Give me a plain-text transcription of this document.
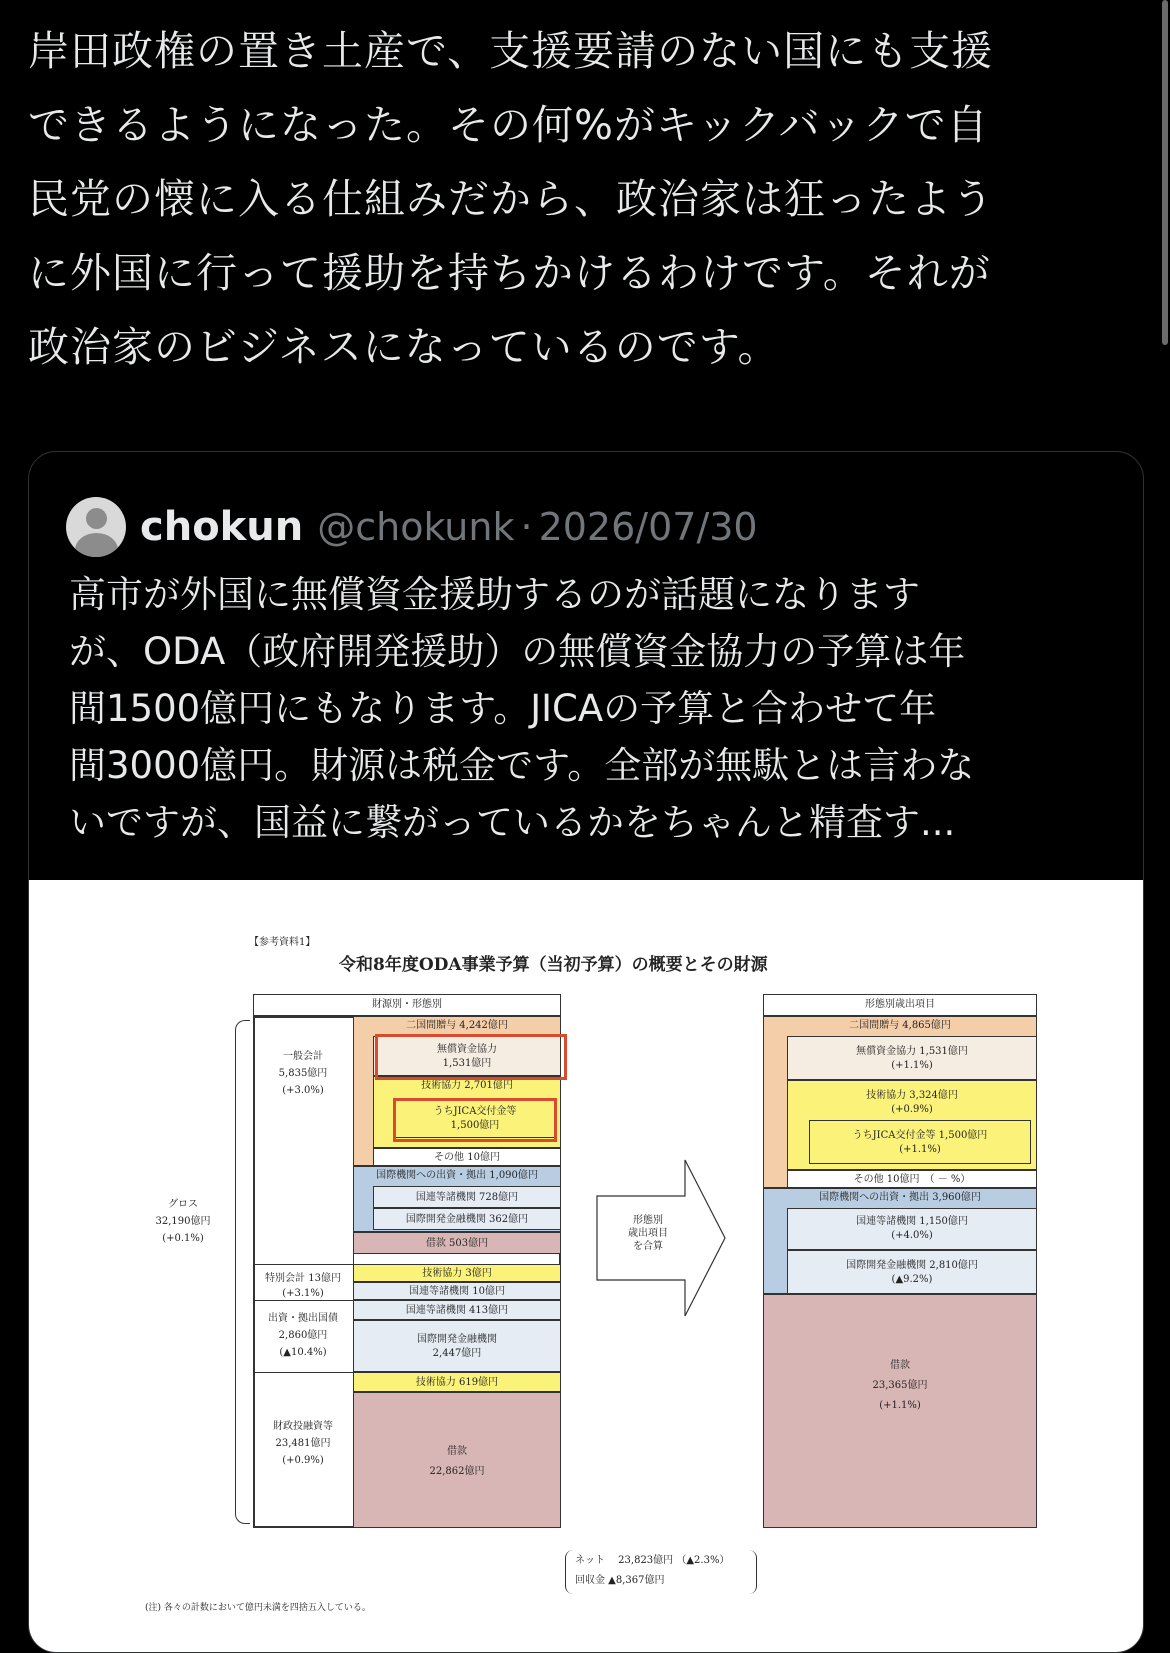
岸田政権の置き土産で、支援要請のない国にも支援
できるようになった。その何%がキックバックで自
民党の懐に入る仕組みだから、政治家は狂ったよう
に外国に行って援助を持ちかけるわけです。それが
政治家のビジネスになっているのです。
chokun @chokunk · 2026/07/30
高市が外国に無償資金援助するのが話題になります
が、ODA（政府開発援助）の無償資金協力の予算は年
間1500億円にもなります。JICAの予算と合わせて年
間3000億円。財源は税金です。全部が無駄とは言わな
いですが、国益に繋がっているかをちゃんと精査す...
【参考資料1】
令和8年度ODA事業予算（当初予算）の概要とその財源
財源別・形態別
一般会計
5,835億円
(+3.0%)
特別会計 13億円
(+3.1%)
出資・拠出国債
2,860億円
(▲10.4%)
財政投融資等
23,481億円
(+0.9%)
グロス
32,190億円
(+0.1%)
二国間贈与 4,242億円
無償資金協力
1,531億円
技術協力 2,701億円
うちJICA交付金等
1,500億円
その他 10億円
国際機関への出資・拠出 1,090億円
国連等諸機関 728億円
国際開発金融機関 362億円
借款 503億円
技術協力 3億円
国連等諸機関 10億円
国連等諸機関 413億円
国際開発金融機関
2,447億円
技術協力 619億円
借款
22,862億円
形態別
歳出項目
を合算
形態別歳出項目
二国間贈与 4,865億円
無償資金協力 1,531億円
(+1.1%)
技術協力 3,324億円
(+0.9%)
うちJICA交付金等 1,500億円
(+1.1%)
その他 10億円　（ － %）
国際機関への出資・拠出 3,960億円
国連等諸機関 1,150億円
(+4.0%)
国際開発金融機関 2,810億円
(▲9.2%)
借款
23,365億円
(+1.1%)
ネット　 23,823億円 （▲2.3%）
回収金 ▲8,367億円
(注) 各々の計数において億円未満を四捨五入している。
